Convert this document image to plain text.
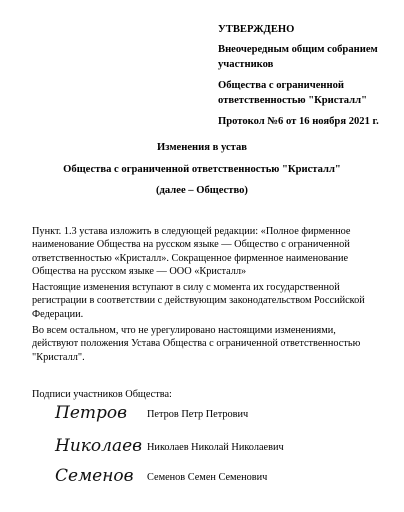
УТВЕРЖДЕНО
Внеочередным общим собранием
участников
Общества с ограниченной
ответственностью "Кристалл"
Протокол №6 от 16 ноября 2021 г.
Изменения в устав
Общества с ограниченной ответственностью "Кристалл"
(далее – Общество)
Пункт. 1.3 устава изложить в следующей редакции: «Полное фирменное наименование Общества на русском языке — Общество с ограниченной ответственностью «Кристалл». Сокращенное фирменное наименование Общества на русском языке — ООО «Кристалл»
Настоящие изменения вступают в силу с момента их государственной регистрации в соответствии с действующим законодательством Российской Федерации.
Во всем остальном, что не урегулировано настоящими изменениями, действуют положения Устава Общества с ограниченной ответственностью "Кристалл".
Подписи участников Общества:
Петров Петров Петр Петрович
Николаев Николаев Николай Николаевич
Семенов Семенов Семен Семенович
